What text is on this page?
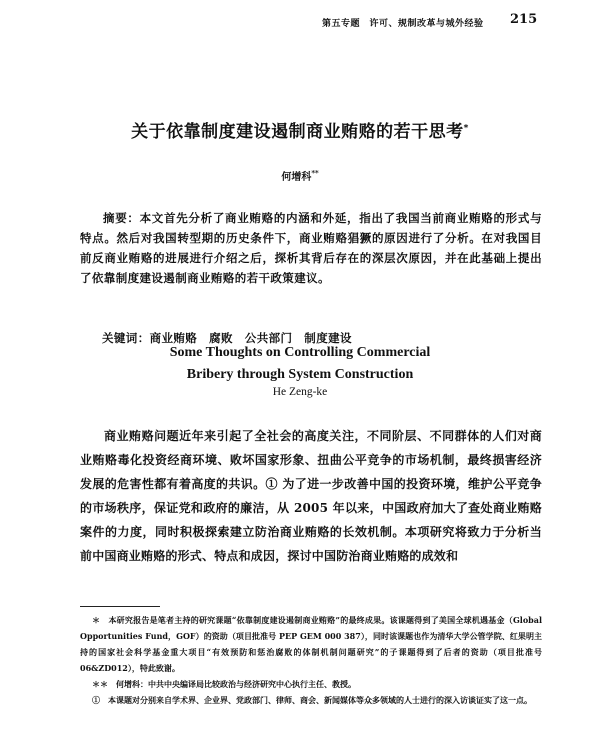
第五专题　许可、规制改革与城外经验 215
关于依靠制度建设遏制商业贿赂的若干思考*
何增科**

摘要：本文首先分析了商业贿赂的内涵和外延，指出了我国当前商业贿赂的形式与特点。然后对我国转型期的历史条件下，商业贿赂猖獗的原因进行了分析。在对我国目前反商业贿赂的进展进行介绍之后，探析其背后存在的深层次原因，并在此基础上提出了依靠制度建设遏制商业贿赂的若干政策建议。

关键词：商业贿赂　腐败　公共部门　制度建设
Some Thoughts on Controlling Commercial
Bribery through System Construction
He Zeng-ke

商业贿赂问题近年来引起了全社会的高度关注，不同阶层、不同群体的人们对商业贿赂毒化投资经商环境、败坏国家形象、扭曲公平竞争的市场机制，最终损害经济发展的危害性都有着高度的共识。① 为了进一步改善中国的投资环境，维护公平竞争的市场秩序，保证党和政府的廉洁，从 2005 年以来，中国政府加大了查处商业贿赂案件的力度，同时积极探索建立防治商业贿赂的长效机制。本项研究将致力于分析当前中国商业贿赂的形式、特点和成因，探讨中国防治商业贿赂的成效和

＊　本研究报告是笔者主持的研究课题“依靠制度建设遏制商业贿赂”的最终成果。该课题得到了美国全球机遇基金（Global Opportunities Fund，GOF）的资助（项目批准号 PEP GEM 000 387），同时该课题也作为清华大学公管学院、红果明主持的国家社会科学基金重大项目“有效预防和惩治腐败的体制机制问题研究”的子课题得到了后者的资助（项目批准号 06&ZD012），特此致谢。

＊＊　何增科：中共中央编译局比较政治与经济研究中心执行主任、教授。

①　本课题对分别来自学术界、企业界、党政部门、律师、商会、新闻媒体等众多领域的人士进行的深入访谈证实了这一点。
